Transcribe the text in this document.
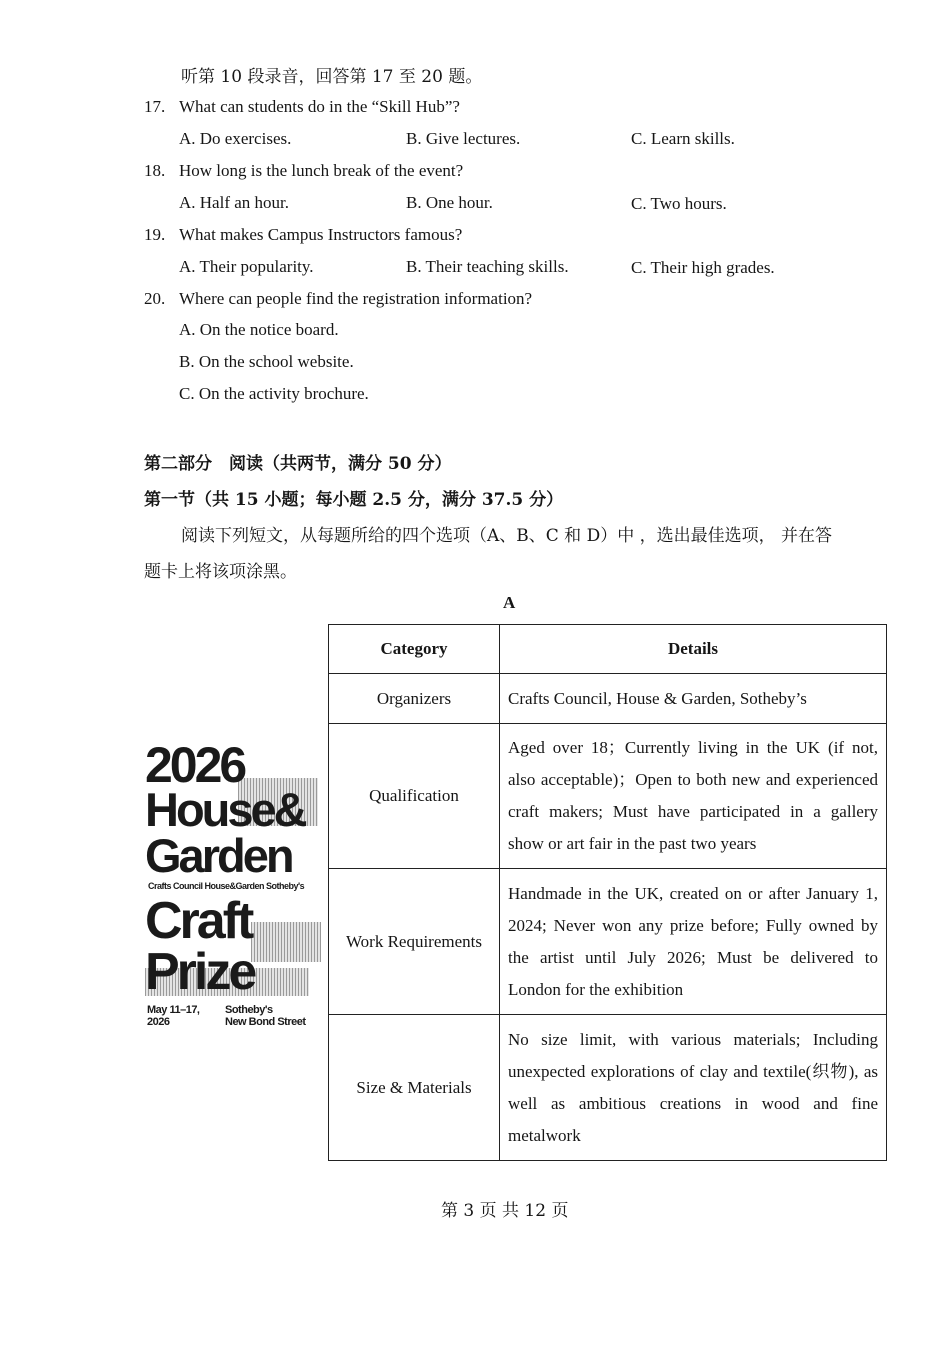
听第 10 段录音，回答第 17 至 20 题。
17. What can students do in the “Skill Hub”?
A. Do exercises.	B. Give lectures.	C. Learn skills.
18. How long is the lunch break of the event?
A. Half an hour.	B. One hour.	C. Two hours.
19. What makes Campus Instructors famous?
A. Their popularity.	B. Their teaching skills.	C. Their high grades.
20. Where can people find the registration information?
A. On the notice board.
B. On the school website.
C. On the activity brochure.
第二部分　阅读（共两节，满分 50 分）
第一节（共 15 小题；每小题 2.5 分，满分 37.5 分）
阅读下列短文，从每题所给的四个选项（A、B、C 和 D）中 ，选出最佳选项， 并在答
题卡上将该项涂黑。
A
2026
House&
Garden
Crafts Council House&Garden Sotheby's
Craft
Prize
May 11–17,
2026
Sotheby's
New Bond Street
Category	Details
Organizers	Crafts Council, House & Garden, Sotheby’s
Qualification	Aged over 18；Currently living in the UK (if not, also acceptable)；Open to both new and experienced craft makers; Must have participated in a gallery show or art fair in the past two years
Work Requirements	Handmade in the UK, created on or after January 1, 2024; Never won any prize before; Fully owned by the artist until July 2026; Must be delivered to London for the exhibition
Size & Materials	No size limit, with various materials; Including unexpected explorations of clay and textile(织物), as well as ambitious creations in wood and fine metalwork
第 3 页 共 12 页
